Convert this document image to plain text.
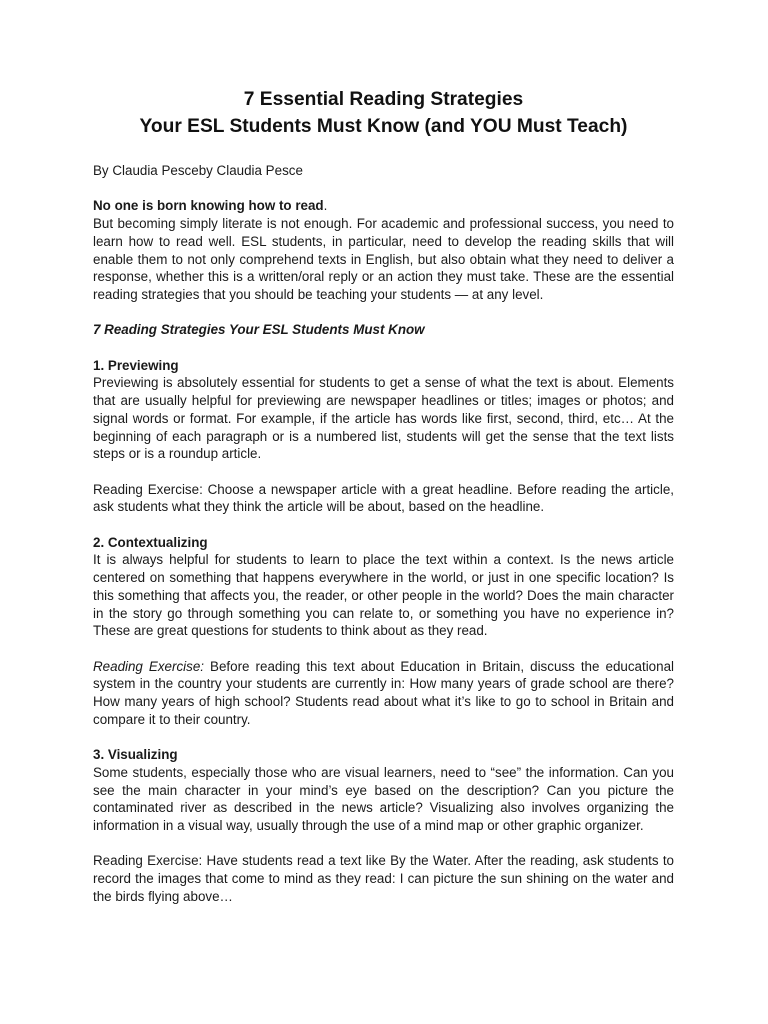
7 Essential Reading Strategies
Your ESL Students Must Know (and YOU Must Teach)

By Claudia Pesceby Claudia Pesce

No one is born knowing how to read.

But becoming simply literate is not enough. For academic and professional success, you need to learn how to read well. ESL students, in particular, need to develop the reading skills that will enable them to not only comprehend texts in English, but also obtain what they need to deliver a response, whether this is a written/oral reply or an action they must take. These are the essential reading strategies that you should be teaching your students — at any level.

7 Reading Strategies Your ESL Students Must Know

1. Previewing

Previewing is absolutely essential for students to get a sense of what the text is about. Elements that are usually helpful for previewing are newspaper headlines or titles; images or photos; and signal words or format. For example, if the article has words like first, second, third, etc… At the beginning of each paragraph or is a numbered list, students will get the sense that the text lists steps or is a roundup article.

Reading Exercise: Choose a newspaper article with a great headline. Before reading the article, ask students what they think the article will be about, based on the headline.

2. Contextualizing

It is always helpful for students to learn to place the text within a context. Is the news article centered on something that happens everywhere in the world, or just in one specific location? Is this something that affects you, the reader, or other people in the world? Does the main character in the story go through something you can relate to, or something you have no experience in? These are great questions for students to think about as they read.

Reading Exercise: Before reading this text about Education in Britain, discuss the educational system in the country your students are currently in: How many years of grade school are there? How many years of high school? Students read about what it’s like to go to school in Britain and compare it to their country.

3. Visualizing

Some students, especially those who are visual learners, need to “see” the information. Can you see the main character in your mind’s eye based on the description? Can you picture the contaminated river as described in the news article? Visualizing also involves organizing the information in a visual way, usually through the use of a mind map or other graphic organizer.

Reading Exercise: Have students read a text like By the Water. After the reading, ask students to record the images that come to mind as they read: I can picture the sun shining on the water and the birds flying above…
